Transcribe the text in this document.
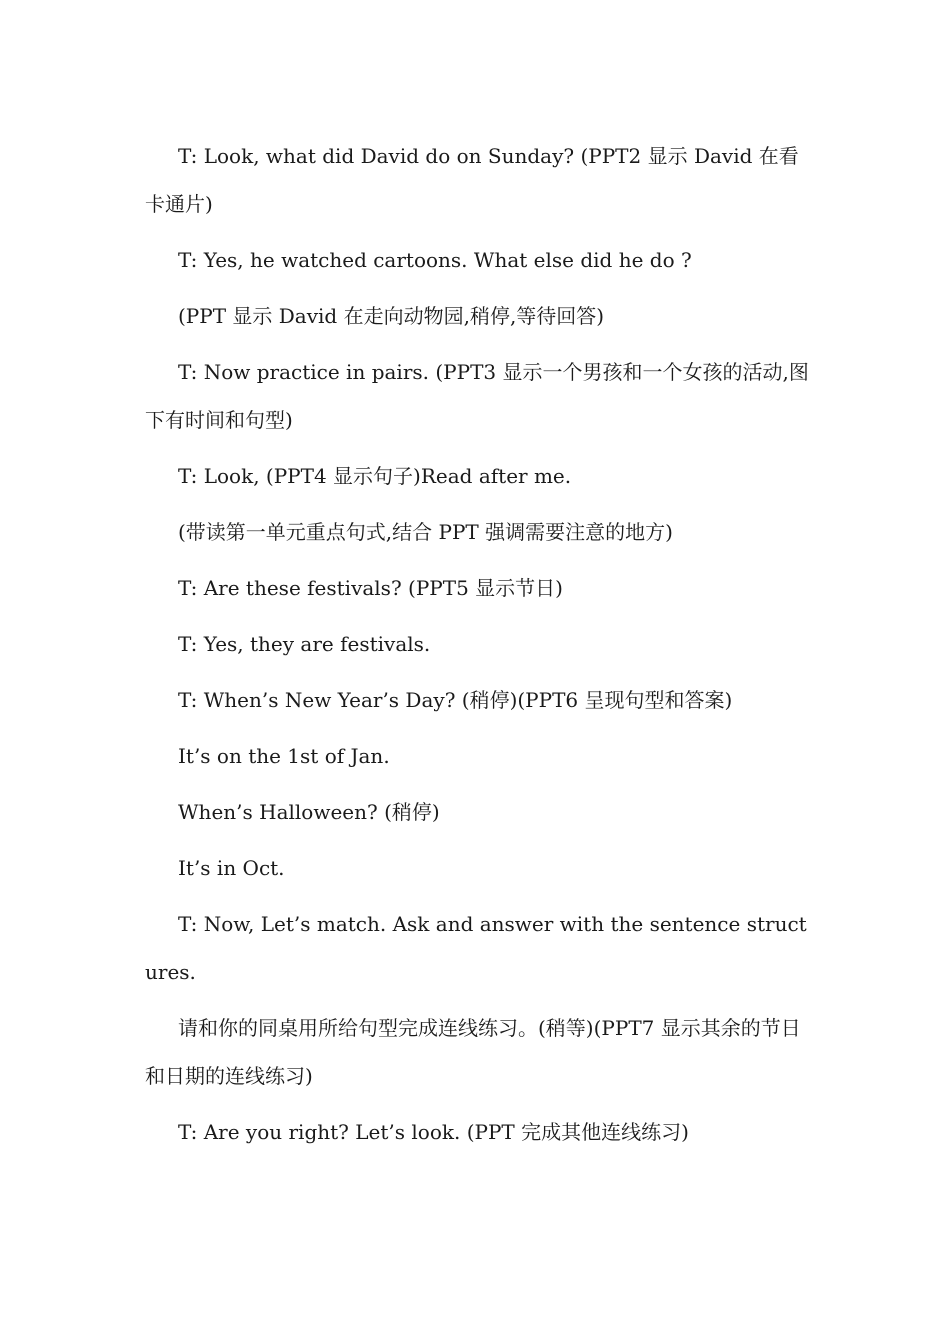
T: Look, what did David do on Sunday? (PPT2 显示 David 在看卡通片)

T: Yes, he watched cartoons. What else did he do ?

(PPT 显示 David 在走向动物园,稍停,等待回答)

T: Now practice in pairs. (PPT3 显示一个男孩和一个女孩的活动,图下有时间和句型)

T: Look, (PPT4 显示句子)Read after me.

(带读第一单元重点句式,结合 PPT 强调需要注意的地方)

T: Are these festivals? (PPT5 显示节日)

T: Yes, they are festivals.

T: When’s New Year’s Day? (稍停)(PPT6 呈现句型和答案)

It’s on the 1st of Jan.

When’s Halloween? (稍停)

It’s in Oct.

T: Now, Let’s match. Ask and answer with the sentence structures.

请和你的同桌用所给句型完成连线练习。(稍等)(PPT7 显示其余的节日和日期的连线练习)

T: Are you right? Let’s look. (PPT 完成其他连线练习)
